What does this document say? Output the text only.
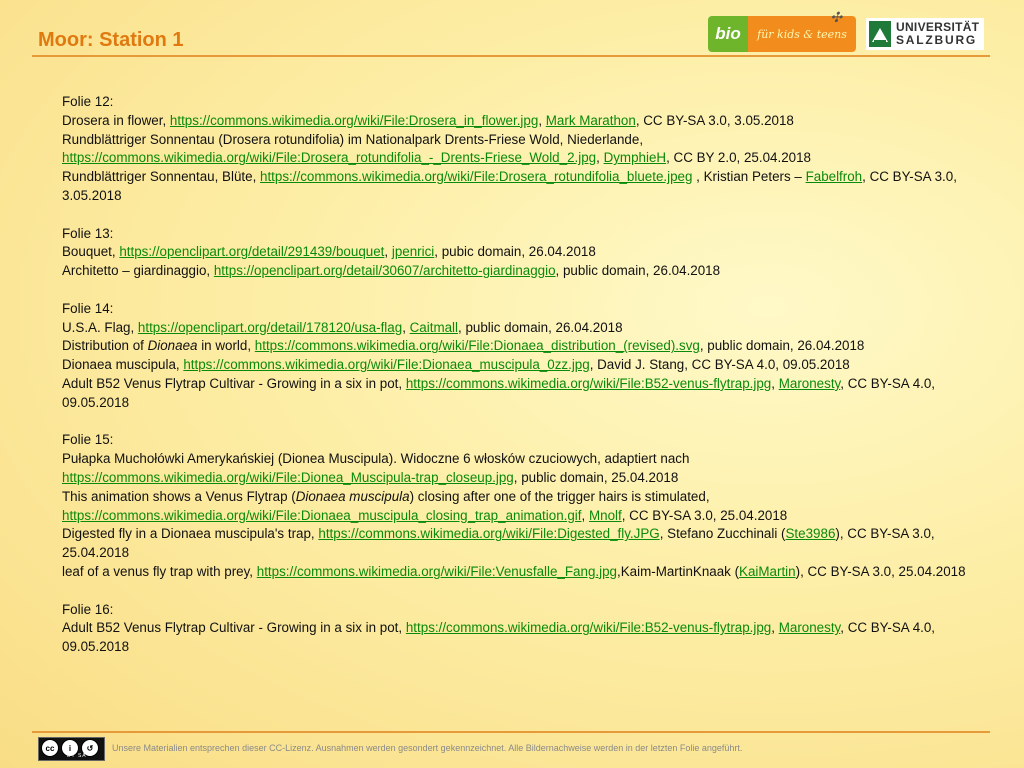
Moor: Station 1	bio	für kids & teens
✣
UNIVERSITÄT
SALZBURG
Folie 12:
Drosera in flower, https://commons.wikimedia.org/wiki/File:Drosera_in_flower.jpg, Mark Marathon, CC BY-SA 3.0, 3.05.2018
Rundblättriger Sonnentau (Drosera rotundifolia) im Nationalpark Drents-Friese Wold, Niederlande, https://commons.wikimedia.org/wiki/File:Drosera_rotundifolia_-_Drents-Friese_Wold_2.jpg, DymphieH, CC BY 2.0, 25.04.2018
Rundblättriger Sonnentau, Blüte, https://commons.wikimedia.org/wiki/File:Drosera_rotundifolia_bluete.jpeg , Kristian Peters – Fabelfroh, CC BY-SA 3.0, 3.05.2018
Folie 13:
Bouquet, https://openclipart.org/detail/291439/bouquet, jpenrici, pubic domain, 26.04.2018
Architetto – giardinaggio, https://openclipart.org/detail/30607/architetto-giardinaggio, public domain, 26.04.2018
Folie 14:
U.S.A. Flag, https://openclipart.org/detail/178120/usa-flag, Caitmall, public domain, 26.04.2018
Distribution of Dionaea in world, https://commons.wikimedia.org/wiki/File:Dionaea_distribution_(revised).svg, public domain, 26.04.2018
Dionaea muscipula, https://commons.wikimedia.org/wiki/File:Dionaea_muscipula_0zz.jpg, David J. Stang, CC BY-SA 4.0, 09.05.2018
Adult B52 Venus Flytrap Cultivar - Growing in a six in pot, https://commons.wikimedia.org/wiki/File:B52-venus-flytrap.jpg, Maronesty, CC BY-SA 4.0, 09.05.2018
Folie 15:
Pułapka Muchołówki Amerykańskiej (Dionea Muscipula). Widoczne 6 włosków czuciowych, adaptiert nach https://commons.wikimedia.org/wiki/File:Dionea_Muscipula-trap_closeup.jpg, public domain, 25.04.2018
This animation shows a Venus Flytrap (Dionaea muscipula) closing after one of the trigger hairs is stimulated, https://commons.wikimedia.org/wiki/File:Dionaea_muscipula_closing_trap_animation.gif, Mnolf, CC BY-SA 3.0, 25.04.2018
Digested fly in a Dionaea muscipula's trap, https://commons.wikimedia.org/wiki/File:Digested_fly.JPG, Stefano Zucchinali (Ste3986), CC BY-SA 3.0, 25.04.2018
leaf of a venus fly trap with prey, https://commons.wikimedia.org/wiki/File:Venusfalle_Fang.jpg,Kaim-MartinKnaak (KaiMartin), CC BY-SA 3.0, 25.04.2018
Folie 16:
Adult B52 Venus Flytrap Cultivar - Growing in a six in pot, https://commons.wikimedia.org/wiki/File:B52-venus-flytrap.jpg, Maronesty, CC BY-SA 4.0, 09.05.2018
cc	i	↺
BY SA
Unsere Materialien entsprechen dieser CC-Lizenz. Ausnahmen werden gesondert gekennzeichnet. Alle Bildernachweise werden in der letzten Folie angeführt.
